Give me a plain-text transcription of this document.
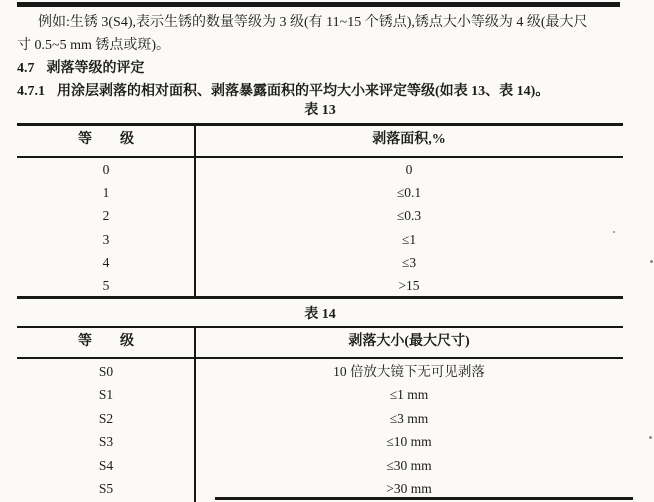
例如:生锈 3(S4),表示生锈的数量等级为 3 级(有 11~15 个锈点),锈点大小等级为 4 级(最大尺
寸 0.5~5 mm 锈点或斑)。
4.7 剥落等级的评定
4.7.1 用涂层剥落的相对面积、剥落暴露面积的平均大小来评定等级(如表 13、表 14)。
表 13
等　　级	剥落面积,%
0	0
1	≤0.1
2	≤0.3
3	≤1
4	≤3
5	>15
表 14
等　　级	剥落大小(最大尺寸)
S0	10 倍放大镜下无可见剥落
S1	≤1 mm
S2	≤3 mm
S3	≤10 mm
S4	≤30 mm
S5	>30 mm
